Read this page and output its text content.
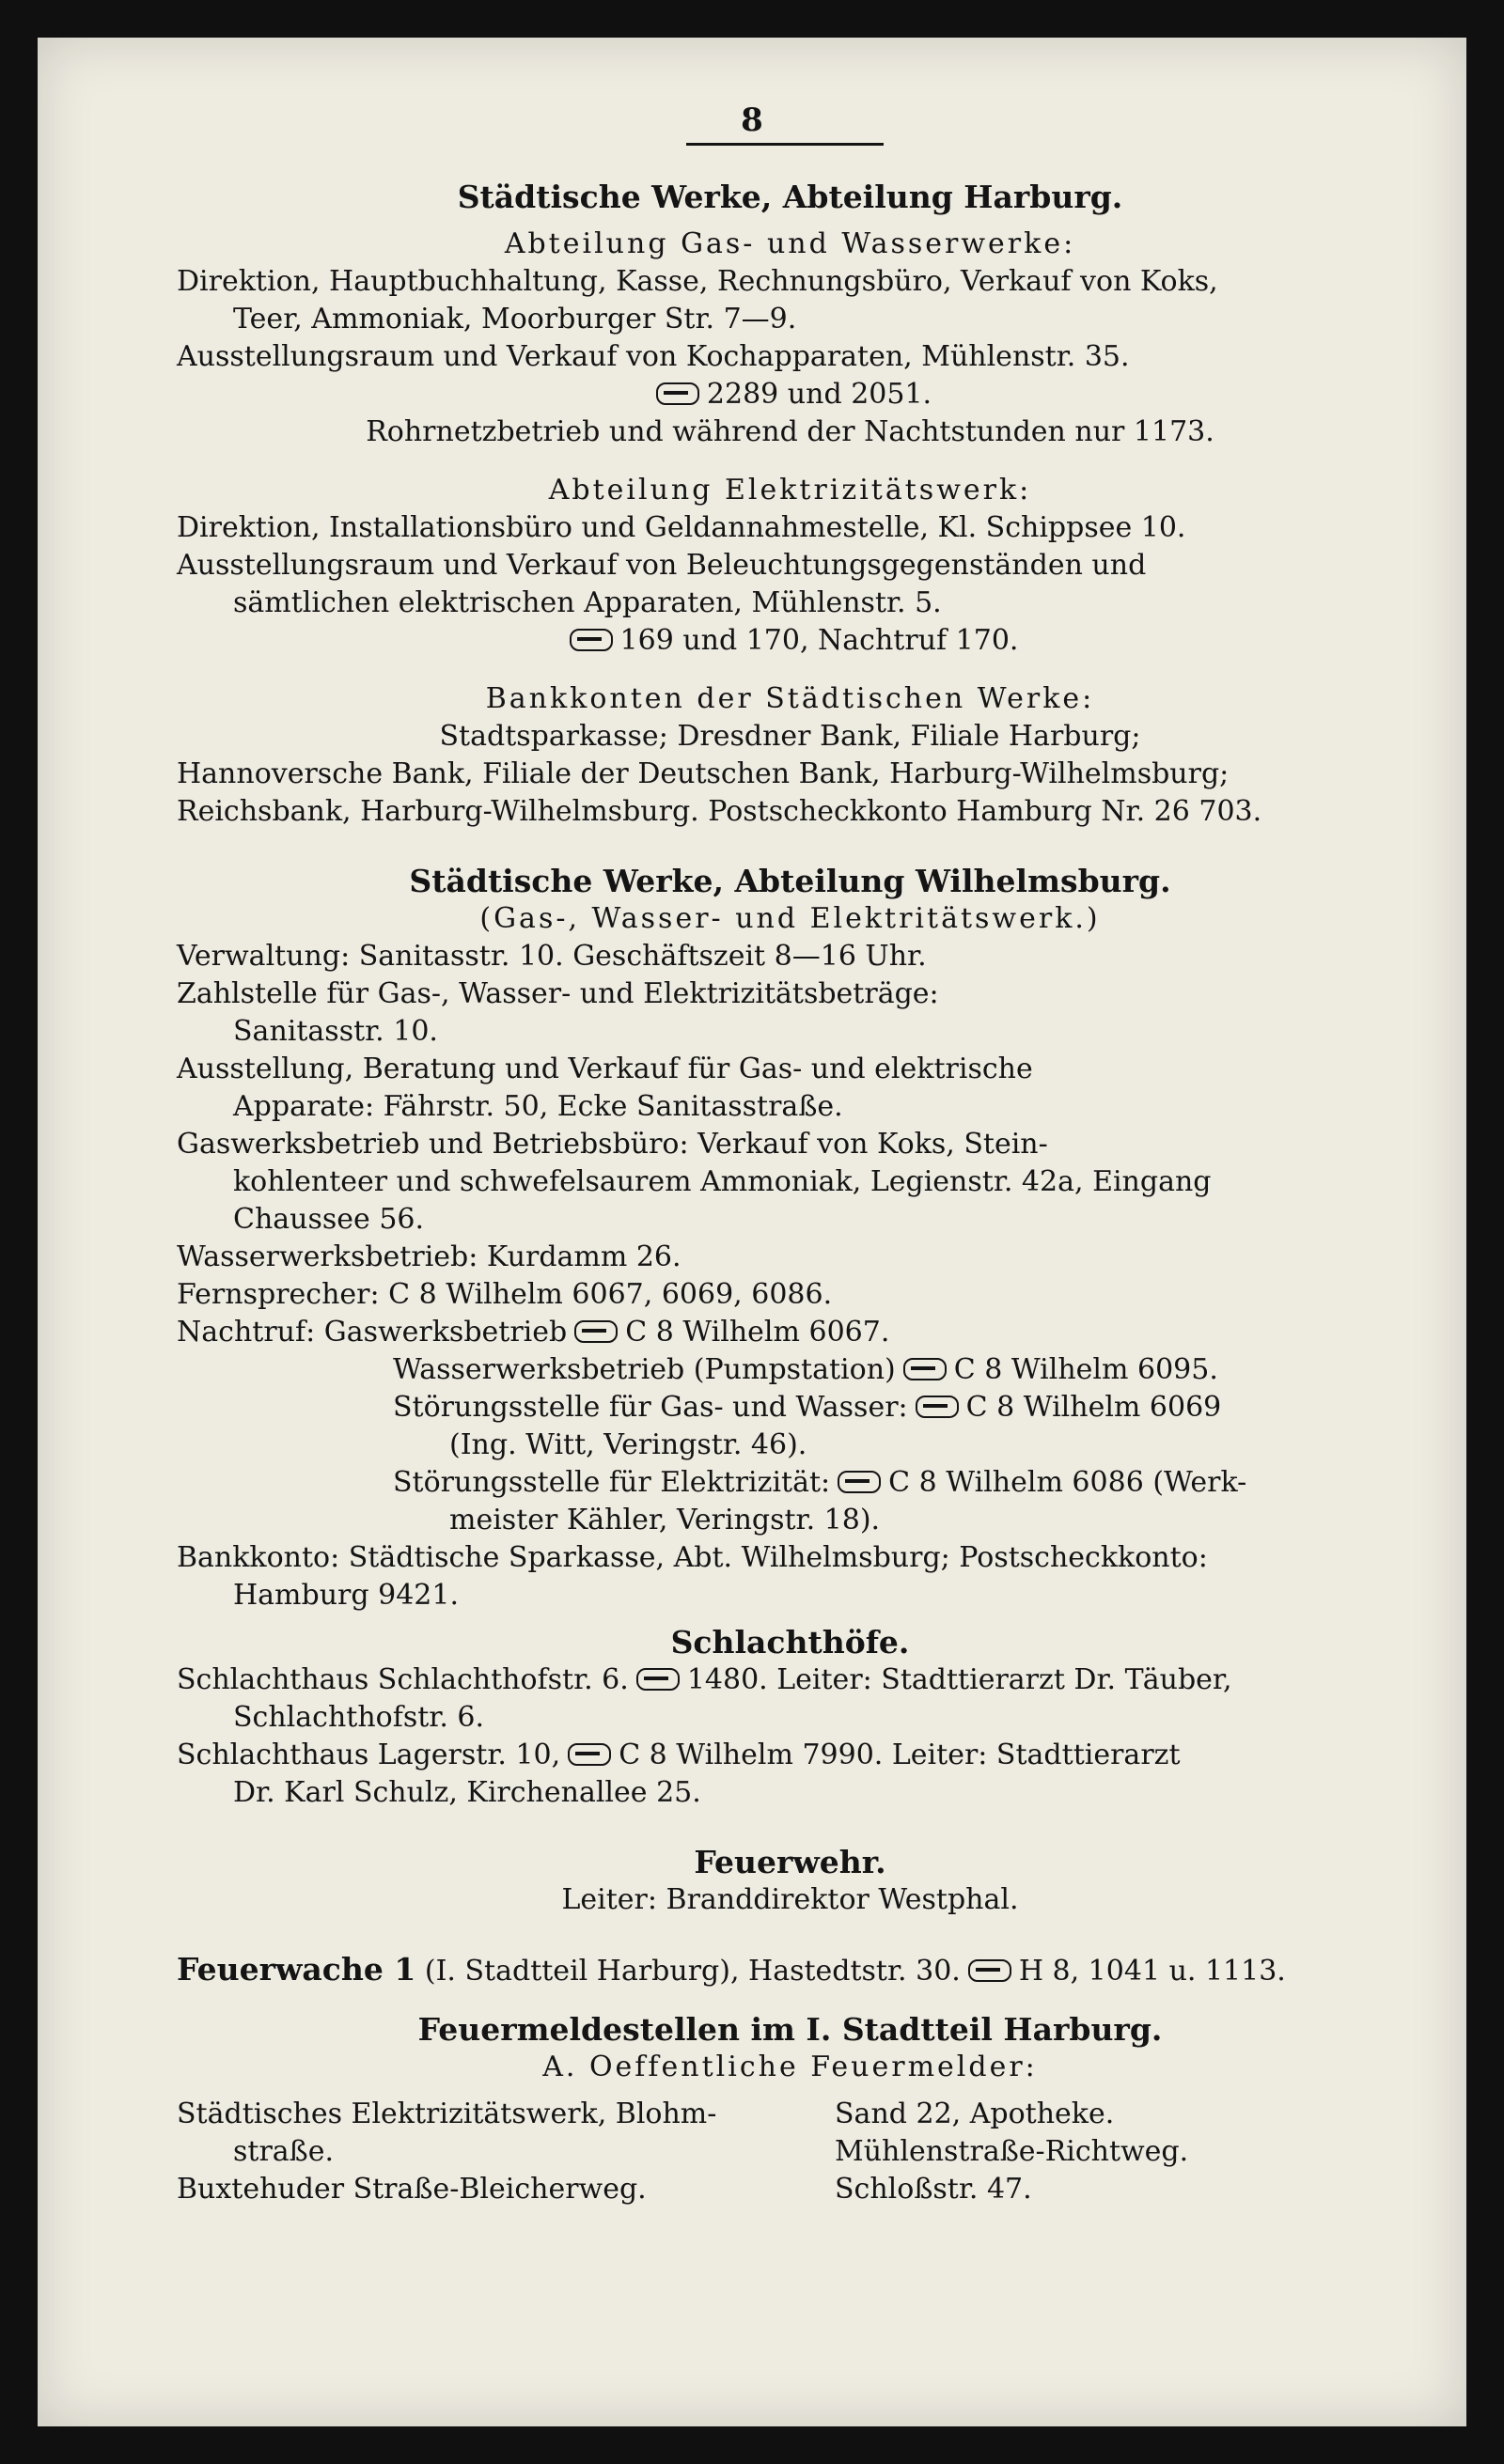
8
Städtische Werke, Abteilung Harburg.
Abteilung Gas- und Wasserwerke:
Direktion, Hauptbuchhaltung, Kasse, Rechnungsbüro, Verkauf von Koks,
Teer, Ammoniak, Moorburger Str. 7—9.
Ausstellungsraum und Verkauf von Kochapparaten, Mühlenstr. 35.
2289 und 2051.
Rohrnetzbetrieb und während der Nachtstunden nur 1173.
Abteilung Elektrizitätswerk:
Direktion, Installationsbüro und Geldannahmestelle, Kl. Schippsee 10.
Ausstellungsraum und Verkauf von Beleuchtungsgegenständen und
sämtlichen elektrischen Apparaten, Mühlenstr. 5.
169 und 170, Nachtruf 170.
Bankkonten der Städtischen Werke:
Stadtsparkasse; Dresdner Bank, Filiale Harburg;
Hannoversche Bank, Filiale der Deutschen Bank, Harburg-Wilhelmsburg;
Reichsbank, Harburg-Wilhelmsburg. Postscheckkonto Hamburg Nr. 26 703.
Städtische Werke, Abteilung Wilhelmsburg.
(Gas-, Wasser- und Elektritätswerk.)
Verwaltung: Sanitasstr. 10. Geschäftszeit 8—16 Uhr.
Zahlstelle für Gas-, Wasser- und Elektrizitätsbeträge:
Sanitasstr. 10.
Ausstellung, Beratung und Verkauf für Gas- und elektrische
Apparate: Fährstr. 50, Ecke Sanitasstraße.
Gaswerksbetrieb und Betriebsbüro: Verkauf von Koks, Stein-
kohlenteer und schwefelsaurem Ammoniak, Legienstr. 42a, Eingang
Chaussee 56.
Wasserwerksbetrieb: Kurdamm 26.
Fernsprecher: C 8 Wilhelm 6067, 6069, 6086.
Nachtruf: Gaswerksbetrieb C 8 Wilhelm 6067.
Wasserwerksbetrieb (Pumpstation) C 8 Wilhelm 6095.
Störungsstelle für Gas- und Wasser: C 8 Wilhelm 6069
(Ing. Witt, Veringstr. 46).
Störungsstelle für Elektrizität: C 8 Wilhelm 6086 (Werk-
meister Kähler, Veringstr. 18).
Bankkonto: Städtische Sparkasse, Abt. Wilhelmsburg; Postscheckkonto:
Hamburg 9421.
Schlachthöfe.
Schlachthaus Schlachthofstr. 6. 1480. Leiter: Stadttierarzt Dr. Täuber,
Schlachthofstr. 6.
Schlachthaus Lagerstr. 10, C 8 Wilhelm 7990. Leiter: Stadttierarzt
Dr. Karl Schulz, Kirchenallee 25.
Feuerwehr.
Leiter: Branddirektor Westphal.
Feuerwache 1 (I. Stadtteil Harburg), Hastedtstr. 30. H 8, 1041 u. 1113.
Feuermeldestellen im I. Stadtteil Harburg.
A. Oeffentliche Feuermelder:
Städtisches Elektrizitätswerk, Blohm-
straße.
Buxtehuder Straße-Bleicherweg.
Sand 22, Apotheke.
Mühlenstraße-Richtweg.
Schloßstr. 47.
